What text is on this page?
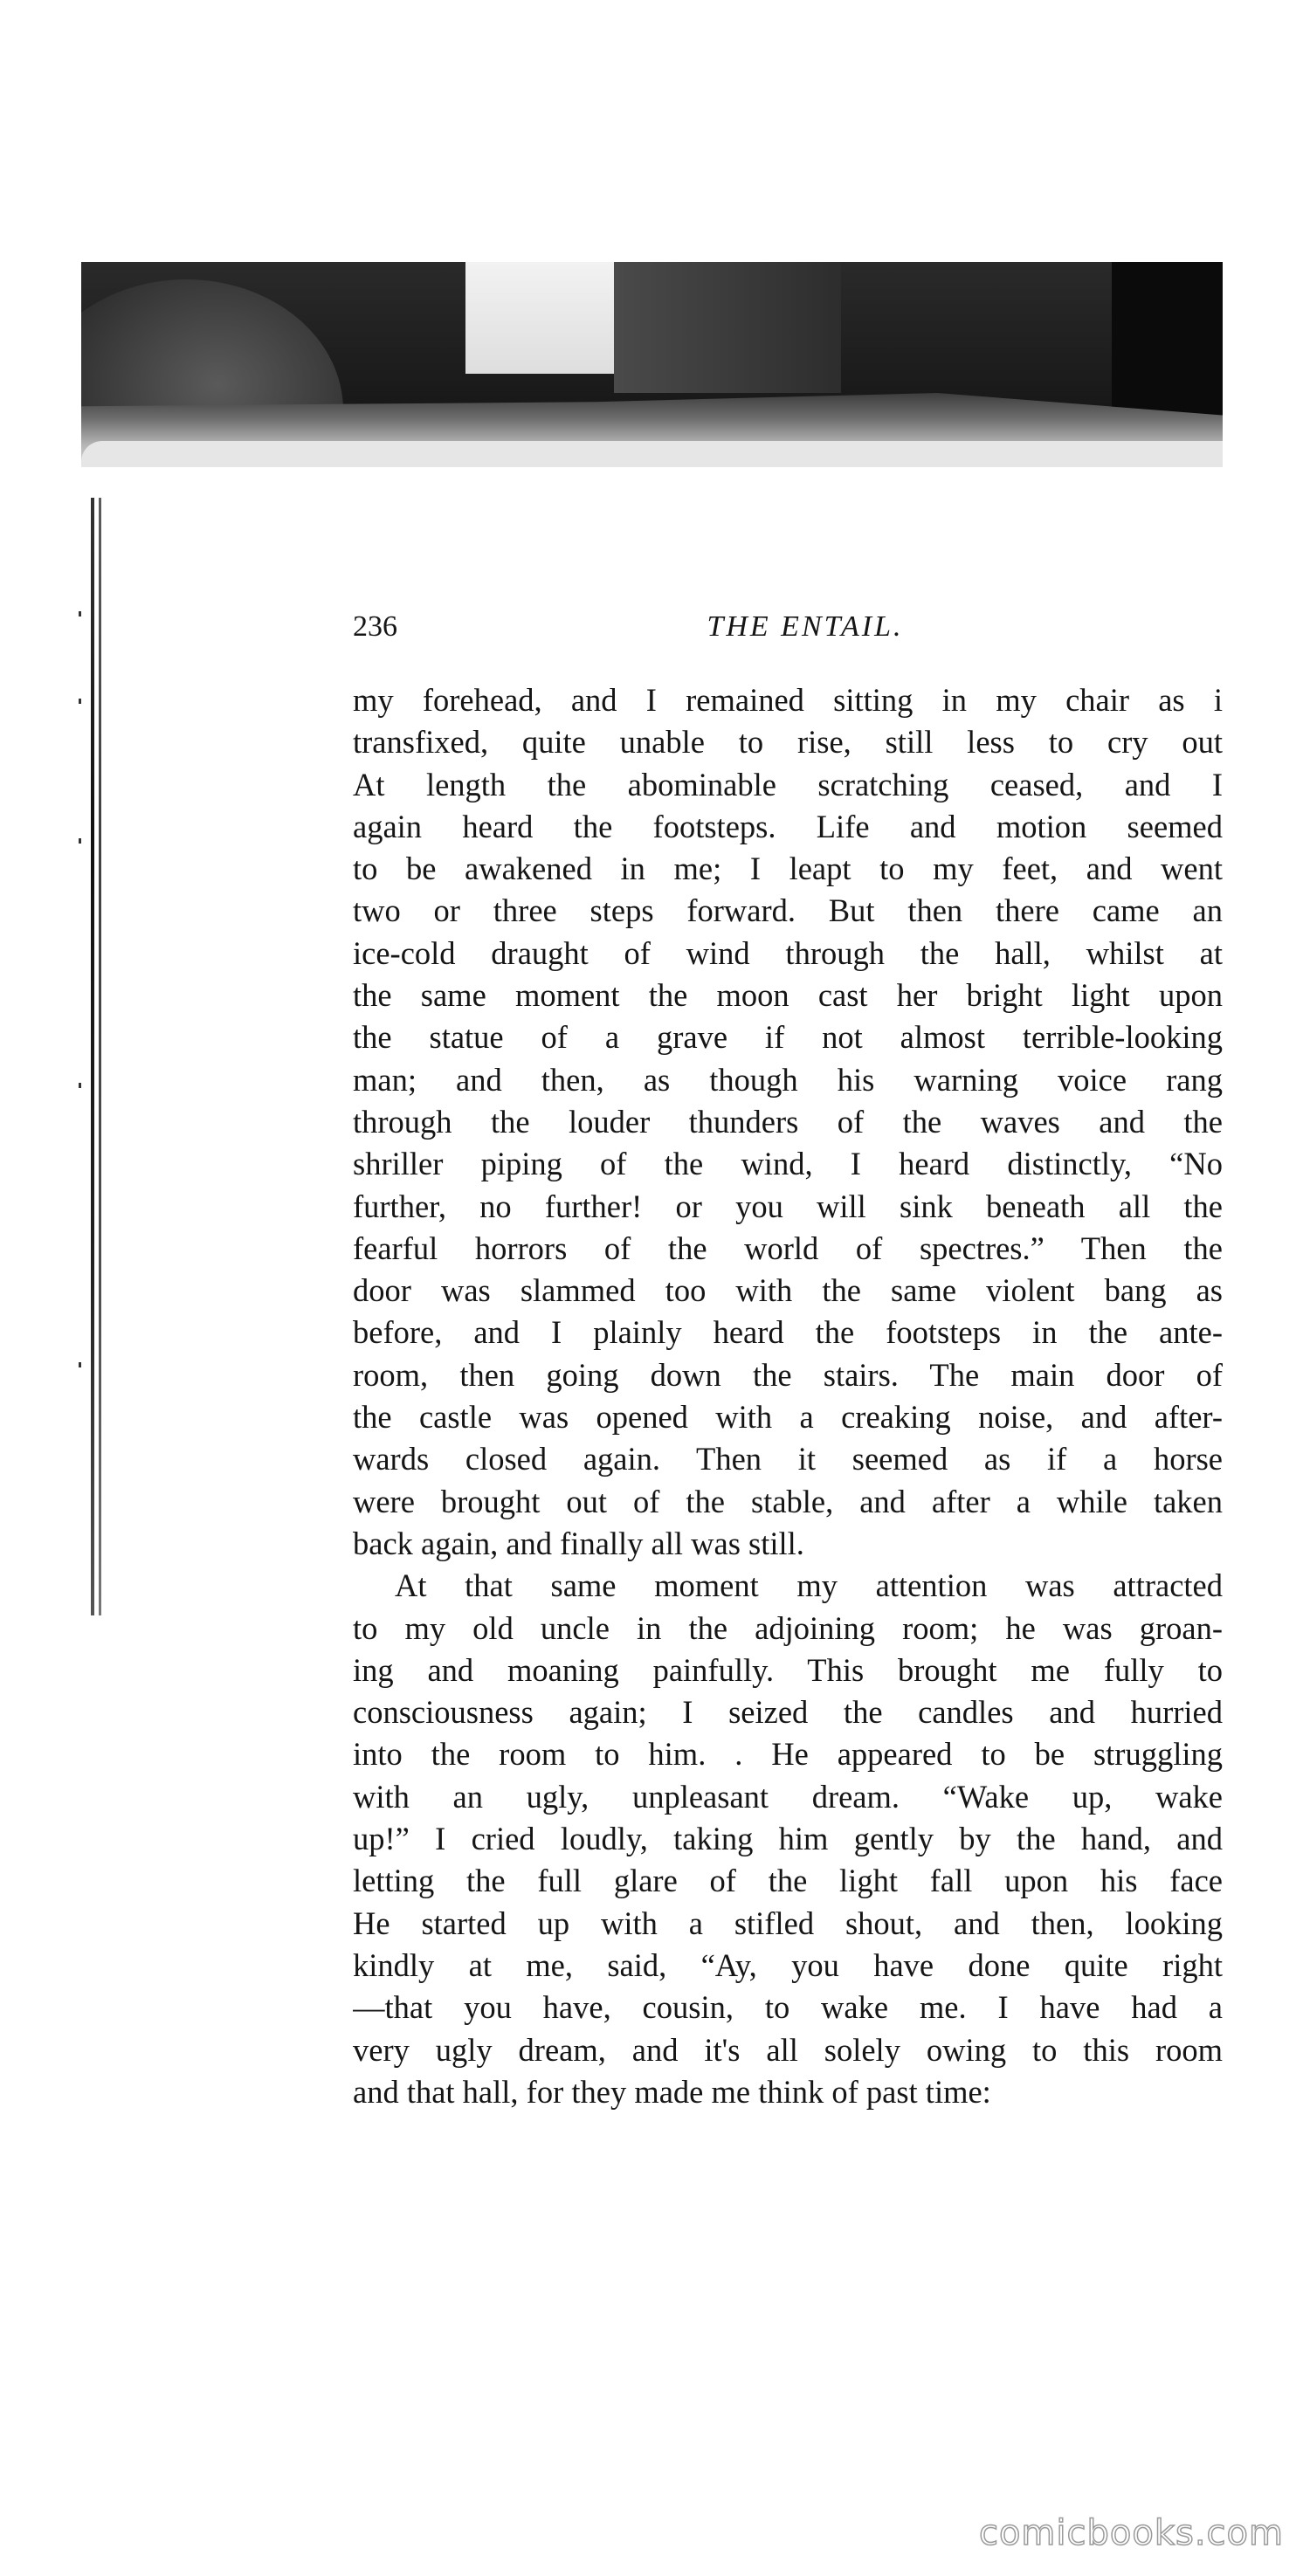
236	THE ENTAIL.
my forehead, and I remained sitting in my chair as i
transfixed, quite unable to rise, still less to cry out
At length the abominable scratching ceased, and I
again heard the footsteps. Life and motion seemed
to be awakened in me; I leapt to my feet, and went
two or three steps forward. But then there came an
ice-cold draught of wind through the hall, whilst at
the same moment the moon cast her bright light upon
the statue of a grave if not almost terrible-looking
man; and then, as though his warning voice rang
through the louder thunders of the waves and the
shriller piping of the wind, I heard distinctly, “No
further, no further! or you will sink beneath all the
fearful horrors of the world of spectres.” Then the
door was slammed too with the same violent bang as
before, and I plainly heard the footsteps in the ante-
room, then going down the stairs. The main door of
the castle was opened with a creaking noise, and after-
wards closed again. Then it seemed as if a horse
were brought out of the stable, and after a while taken
back again, and finally all was still.
At that same moment my attention was attracted
to my old uncle in the adjoining room; he was groan-
ing and moaning painfully. This brought me fully to
consciousness again; I seized the candles and hurried
into the room to him. . He appeared to be struggling
with an ugly, unpleasant dream. “Wake up, wake
up!” I cried loudly, taking him gently by the hand, and
letting the full glare of the light fall upon his face
He started up with a stifled shout, and then, looking
kindly at me, said, “Ay, you have done quite right
—that you have, cousin, to wake me. I have had a
very ugly dream, and it's all solely owing to this room
and that hall, for they made me think of past time:
comicbooks.com
